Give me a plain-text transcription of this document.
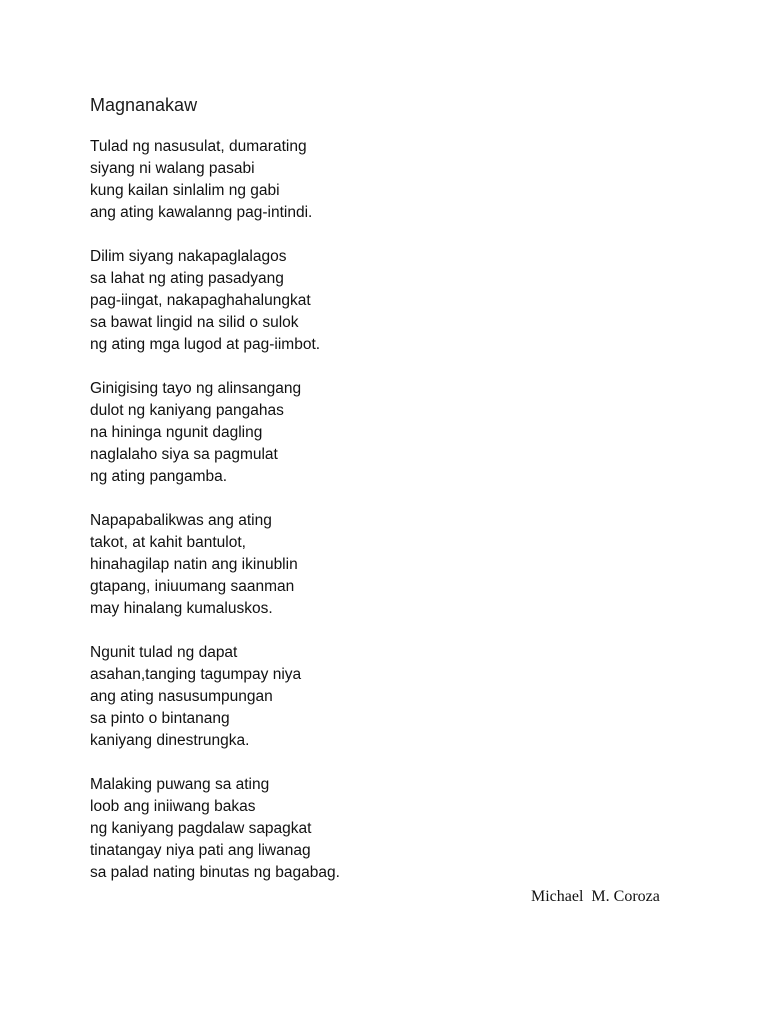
Magnanakaw
Tulad ng nasusulat, dumarating
siyang ni walang pasabi
kung kailan sinlalim ng gabi
ang ating kawalanng pag-intindi.
Dilim siyang nakapaglalagos
sa lahat ng ating pasadyang
pag-iingat, nakapaghahalungkat
sa bawat lingid na silid o sulok
ng ating mga lugod at pag-iimbot.
Ginigising tayo ng alinsangang
dulot ng kaniyang pangahas
na hininga ngunit dagling
naglalaho siya sa pagmulat
ng ating pangamba.
Napapabalikwas ang ating
takot, at kahit bantulot,
hinahagilap natin ang ikinublin
gtapang, iniuumang saanman
may hinalang kumaluskos.
Ngunit tulad ng dapat
asahan,tanging tagumpay niya
ang ating nasusumpungan
sa pinto o bintanang
kaniyang dinestrungka.
Malaking puwang sa ating
loob ang iniiwang bakas
ng kaniyang pagdalaw sapagkat
tinatangay niya pati ang liwanag
sa palad nating binutas ng bagabag.
Michael  M. Coroza
